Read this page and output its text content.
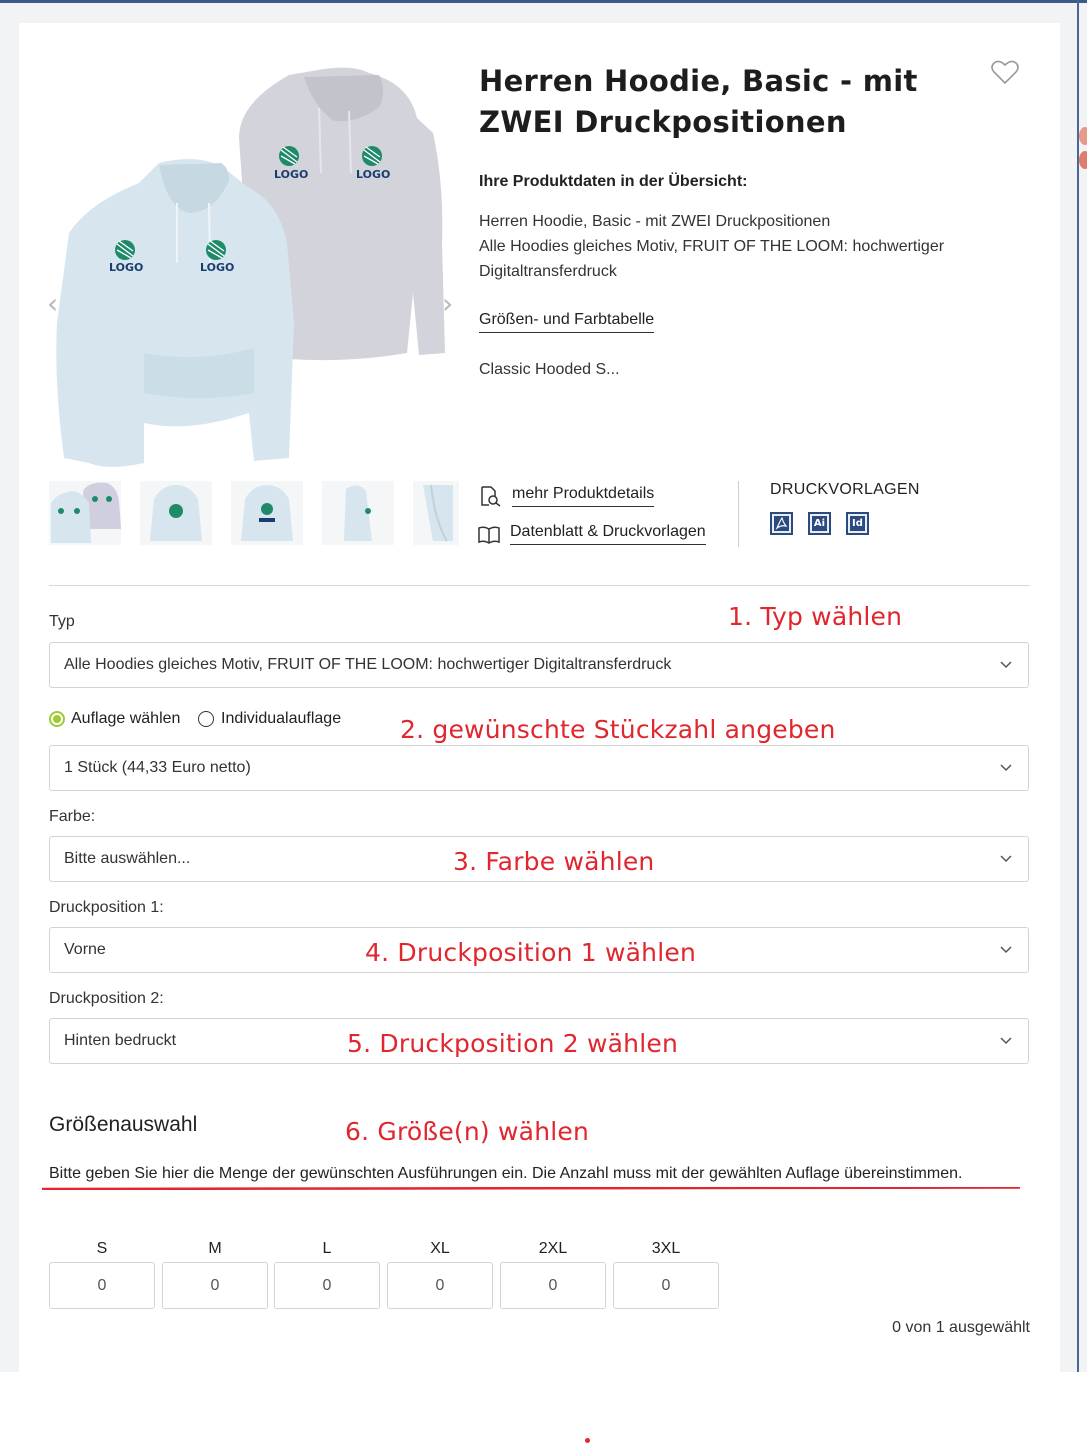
LOGO	LOGO
LOGO	LOGO
‹	›
Herren Hoodie, Basic - mit ZWEI Druckpositionen
Ihre Produktdaten in der Übersicht:
Herren Hoodie, Basic - mit ZWEI Druckpositionen
Alle Hoodies gleiches Motiv, FRUIT OF THE LOOM: hochwertiger Digitaltransferdruck
Größen- und Farbtabelle
Classic Hooded S...
mehr Produktdetails
Datenblatt & Druckvorlagen
DRUCKVORLAGEN
Ai	Id
Typ	1. Typ wählen
Alle Hoodies gleiches Motiv, FRUIT OF THE LOOM: hochwertiger Digitaltransferdruck
Auflage wählen	Individualauflage 2. gewünschte Stückzahl angeben
1 Stück (44,33 Euro netto)
Farbe:
Bitte auswählen...	3. Farbe wählen
Druckposition 1:
Vorne	4. Druckposition 1 wählen
Druckposition 2:
Hinten bedruckt	5. Druckposition 2 wählen
Größenauswahl	6. Größe(n) wählen
Bitte geben Sie hier die Menge der gewünschten Ausführungen ein. Die Anzahl muss mit der gewählten Auflage übereinstimmen.
S	M	L	XL	2XL	3XL
0	0	0	0	0	0
0 von 1 ausgewählt
